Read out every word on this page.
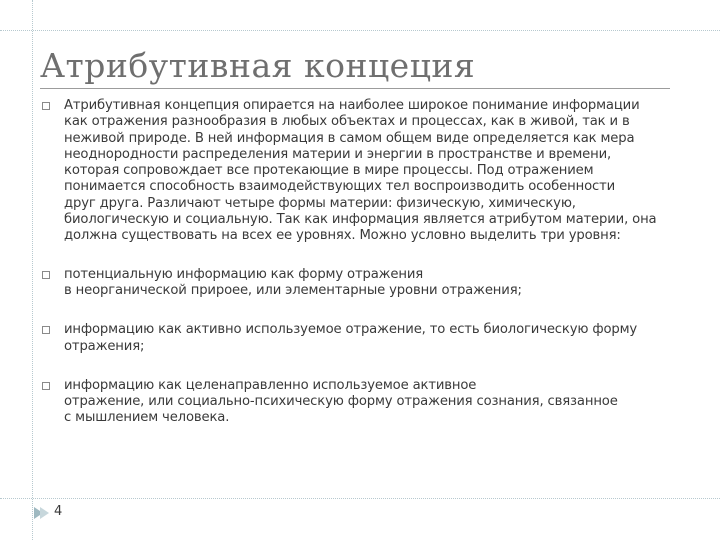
Атрибутивная концеция
Атрибутивная концепция опирается на наиболее широкое понимание информации
как отражения разнообразия в любых объектах и процессах, как в живой, так и в
неживой природе. В ней информация в самом общем виде определяется как мера
неоднородности распределения материи и энергии в пространстве и времени,
которая сопровождает все протекающие в мире процессы. Под отражением
понимается способность взаимодействующих тел воспроизводить особенности
друг друга. Различают четыре формы материи: физическую, химическую,
биологическую и социальную. Так как информация является атрибутом материи, она
должна существовать на всех ее уровнях. Можно условно выделить три уровня:
потенциальную информацию как форму отражения
в неорганической прироее, или элементарные уровни отражения;
информацию как активно используемое отражение, то есть биологическую форму
отражения;
информацию как целенаправленно используемое активное
отражение, или социально-психическую форму отражения сознания, связанное
с мышлением человека.
4
